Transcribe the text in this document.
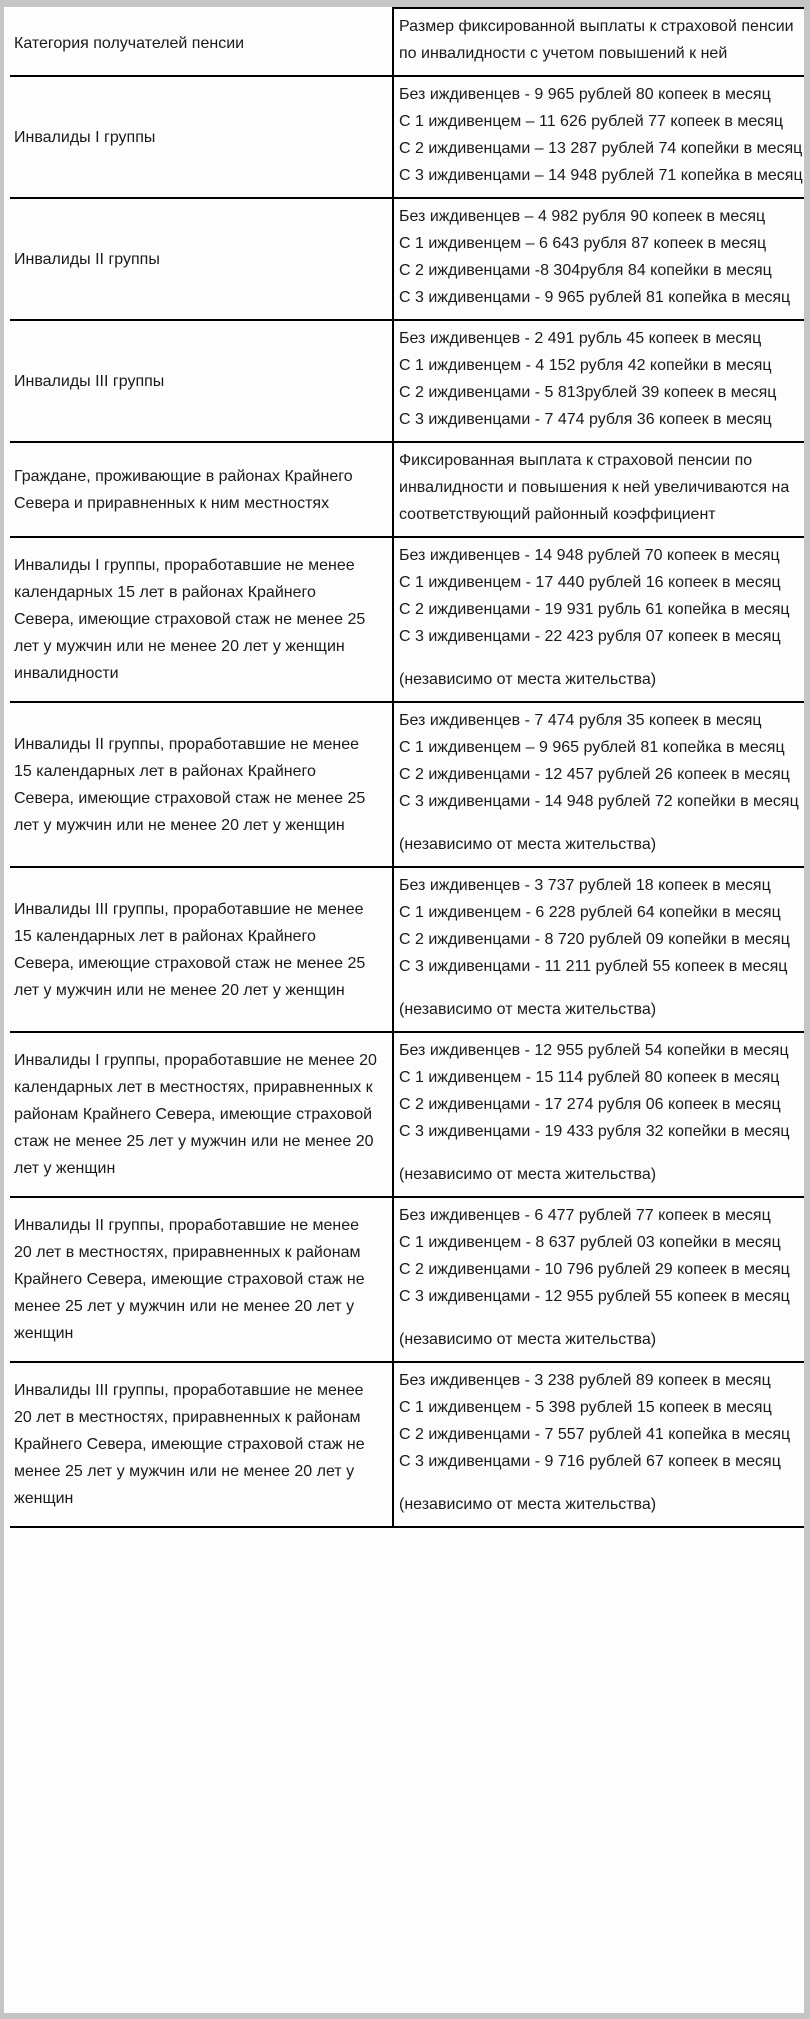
Категория получателей пенсии	Размер фиксированной выплаты к страховой пенсии по инвалидности с учетом повышений к ней
Инвалиды I группы	Без иждивенцев - 9 965 рублей 80 копеек в месяц

С 1 иждивенцем – 11 626 рублей 77 копеек в месяц

С 2 иждивенцами – 13 287 рублей 74 копейки в месяц

С 3 иждивенцами – 14 948 рублей 71 копейка в месяц

Инвалиды II группы	Без иждивенцев – 4 982 рубля 90 копеек в месяц

С 1 иждивенцем – 6 643 рубля 87 копеек в месяц

С 2 иждивенцами -8 304рубля 84 копейки в месяц

С 3 иждивенцами - 9 965 рублей 81 копейка в месяц

Инвалиды III группы	Без иждивенцев - 2 491 рубль 45 копеек в месяц

С 1 иждивенцем - 4 152 рубля 42 копейки в месяц

С 2 иждивенцами - 5 813рублей 39 копеек в месяц

С 3 иждивенцами - 7 474 рубля 36 копеек в месяц

Граждане, проживающие в районах Крайнего Севера и приравненных к ним местностях	Фиксированная выплата к страховой пенсии по инвалидности и повышения к ней увеличиваются на соответствующий районный коэффициент

Инвалиды I группы, проработавшие не менее календарных 15 лет в районах Крайнего Севера, имеющие страховой стаж не менее 25 лет у мужчин или не менее 20 лет у женщин инвалидности	Без иждивенцев - 14 948 рублей 70 копеек в месяц

С 1 иждивенцем - 17 440 рублей 16 копеек в месяц

С 2 иждивенцами - 19 931 рубль 61 копейка в месяц

С 3 иждивенцами - 22 423 рубля 07 копеек в месяц

(независимо от места жительства)

Инвалиды II группы, проработавшие не менее 15 календарных лет в районах Крайнего Севера, имеющие страховой стаж не менее 25 лет у мужчин или не менее 20 лет у женщин	Без иждивенцев - 7 474 рубля 35 копеек в месяц

С 1 иждивенцем – 9 965 рублей 81 копейка в месяц

С 2 иждивенцами - 12 457 рублей 26 копеек в месяц

С 3 иждивенцами - 14 948 рублей 72 копейки в месяц

(независимо от места жительства)

Инвалиды III группы, проработавшие не менее 15 календарных лет в районах Крайнего Севера, имеющие страховой стаж не менее 25 лет у мужчин или не менее 20 лет у женщин	Без иждивенцев - 3 737 рублей 18 копеек в месяц

С 1 иждивенцем - 6 228 рублей 64 копейки в месяц

С 2 иждивенцами - 8 720 рублей 09 копейки в месяц

С 3 иждивенцами - 11 211 рублей 55 копеек в месяц

(независимо от места жительства)

Инвалиды I группы, проработавшие не менее 20 календарных лет в местностях, приравненных к районам Крайнего Севера, имеющие страховой стаж не менее 25 лет у мужчин или не менее 20 лет у женщин	Без иждивенцев - 12 955 рублей 54 копейки в месяц

С 1 иждивенцем - 15 114 рублей 80 копеек в месяц

С 2 иждивенцами - 17 274 рубля 06 копеек в месяц

С 3 иждивенцами - 19 433 рубля 32 копейки в месяц

(независимо от места жительства)

Инвалиды II группы, проработавшие не менее 20 лет в местностях, приравненных к районам Крайнего Севера, имеющие страховой стаж не менее 25 лет у мужчин или не менее 20 лет у женщин	Без иждивенцев - 6 477 рублей 77 копеек в месяц

С 1 иждивенцем - 8 637 рублей 03 копейки в месяц

С 2 иждивенцами - 10 796 рублей 29 копеек в месяц

С 3 иждивенцами - 12 955 рублей 55 копеек в месяц

(независимо от места жительства)

Инвалиды III группы, проработавшие не менее 20 лет в местностях, приравненных к районам Крайнего Севера, имеющие страховой стаж не менее 25 лет у мужчин или не менее 20 лет у женщин	Без иждивенцев - 3 238 рублей 89 копеек в месяц

С 1 иждивенцем - 5 398 рублей 15 копеек в месяц

С 2 иждивенцами - 7 557 рублей 41 копейка в месяц

С 3 иждивенцами - 9 716 рублей 67 копеек в месяц

(независимо от места жительства)
